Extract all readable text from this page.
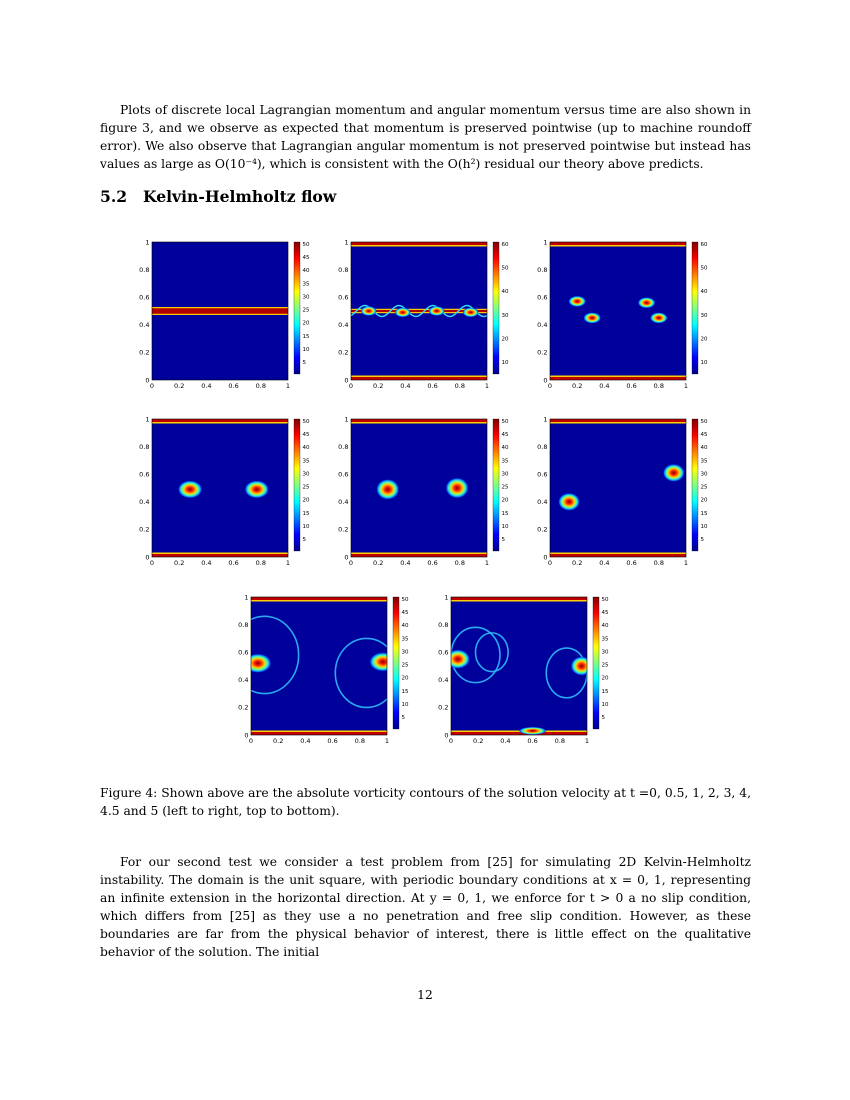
Plots of discrete local Lagrangian momentum and angular momentum versus time are also shown in figure 3, and we observe as expected that momentum is preserved pointwise (up to machine roundoff error). We also observe that Lagrangian angular momentum is not preserved pointwise but instead has values as large as O(10⁻⁴), which is consistent with the O(h²) residual our theory above predicts.

5.2 Kelvin-Helmholtz flow
0	0.2	0.4	0.6	0.8	1
0
0.2
0.4
0.6
0.8
1	50
45
40
35
30
25
20
15
10
5
0	0.2	0.4	0.6	0.8	1
0
0.2
0.4
0.6
0.8
1	60
50
40
30
20
10
0	0.2	0.4	0.6	0.8	1
0
0.2
0.4
0.6
0.8
1	60
50
40
30
20
10
0	0.2	0.4	0.6	0.8	1
0
0.2
0.4
0.6
0.8
1	50
45
40
35
30
25
20
15
10
5
0	0.2	0.4	0.6	0.8	1
0
0.2
0.4
0.6
0.8
1	50
45
40
35
30
25
20
15
10
5
0	0.2	0.4	0.6	0.8	1
0
0.2
0.4
0.6
0.8
1	50
45
40
35
30
25
20
15
10
5
0	0.2	0.4	0.6	0.8	1
0
0.2
0.4
0.6
0.8
1	50
45
40
35
30
25
20
15
10
5
0	0.2	0.4	0.6	0.8	1
0
0.2
0.4
0.6
0.8
1	50
45
40
35
30
25
20
15
10
5

Figure 4: Shown above are the absolute vorticity contours of the solution velocity at t =0, 0.5, 1, 2, 3, 4, 4.5 and 5 (left to right, top to bottom).

For our second test we consider a test problem from [25] for simulating 2D Kelvin-Helmholtz instability. The domain is the unit square, with periodic boundary conditions at x = 0, 1, representing an infinite extension in the horizontal direction. At y = 0, 1, we enforce for t > 0 a no slip condition, which differs from [25] as they use a no penetration and free slip condition. However, as these boundaries are far from the physical behavior of interest, there is little effect on the qualitative behavior of the solution. The initial

12
